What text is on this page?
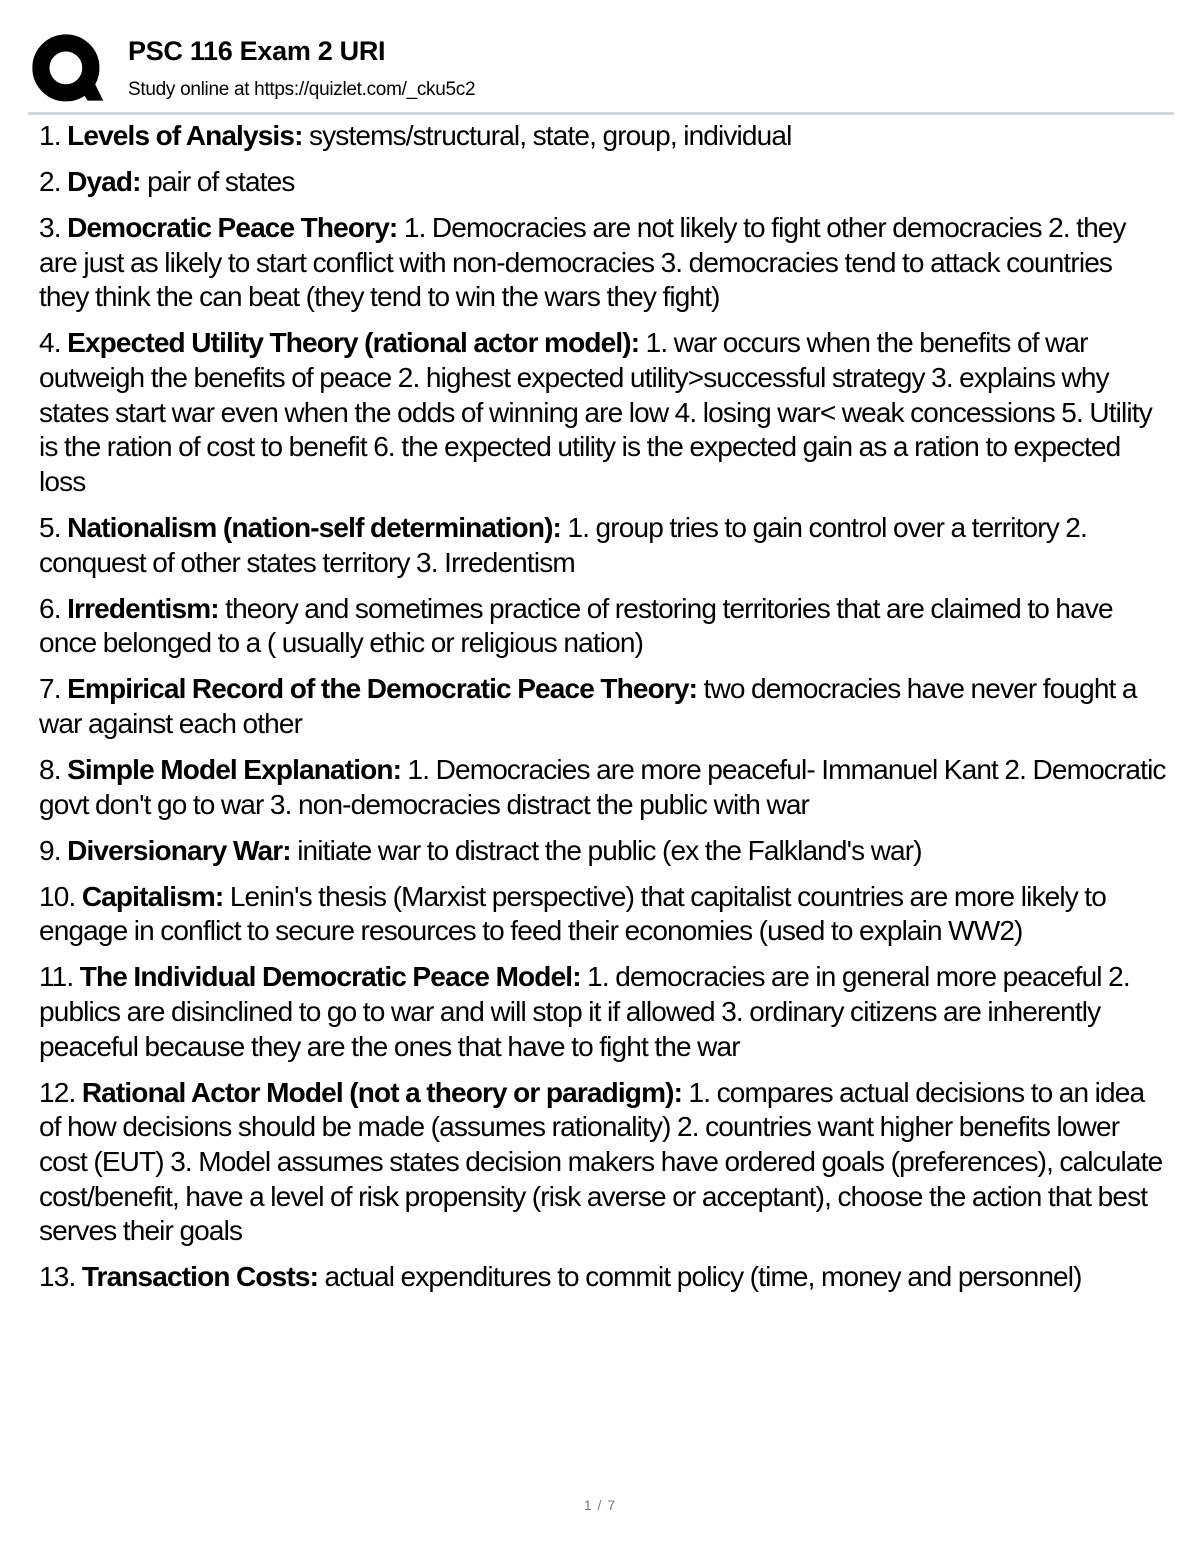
PSC 116 Exam 2 URI
Study online at https://quizlet.com/_cku5c2
1. Levels of Analysis: systems/structural, state, group, individual
2. Dyad: pair of states
3. Democratic Peace Theory: 1. Democracies are not likely to fight other democracies 2. they are just as likely to start conflict with non-democracies 3. democracies tend to attack countries they think the can beat (they tend to win the wars they fight)
4. Expected Utility Theory (rational actor model): 1. war occurs when the benefits of war outweigh the benefits of peace 2. highest expected utility>successful strategy 3. explains why states start war even when the odds of winning are low 4. losing war< weak concessions 5. Utility is the ration of cost to benefit 6. the expected utility is the expected gain as a ration to expected loss
5. Nationalism (nation-self determination): 1. group tries to gain control over a territory 2. conquest of other states territory 3. Irredentism
6. Irredentism: theory and sometimes practice of restoring territories that are claimed to have once belonged to a ( usually ethic or religious nation)
7. Empirical Record of the Democratic Peace Theory: two democracies have never fought a war against each other
8. Simple Model Explanation: 1. Democracies are more peaceful- Immanuel Kant 2. Democratic govt don't go to war 3. non-democracies distract the public with war
9. Diversionary War: initiate war to distract the public (ex the Falkland's war)
10. Capitalism: Lenin's thesis (Marxist perspective) that capitalist countries are more likely to engage in conflict to secure resources to feed their economies (used to explain WW2)
11. The Individual Democratic Peace Model: 1. democracies are in general more peaceful 2. publics are disinclined to go to war and will stop it if allowed 3. ordinary citizens are inherently peaceful because they are the ones that have to fight the war
12. Rational Actor Model (not a theory or paradigm): 1. compares actual decisions to an idea of how decisions should be made (assumes rationality) 2. countries want higher benefits lower cost (EUT) 3. Model assumes states decision makers have ordered goals (preferences), calculate cost/benefit, have a level of risk propensity (risk averse or acceptant), choose the action that best serves their goals
13. Transaction Costs: actual expenditures to commit policy (time, money and personnel)
1 / 7
